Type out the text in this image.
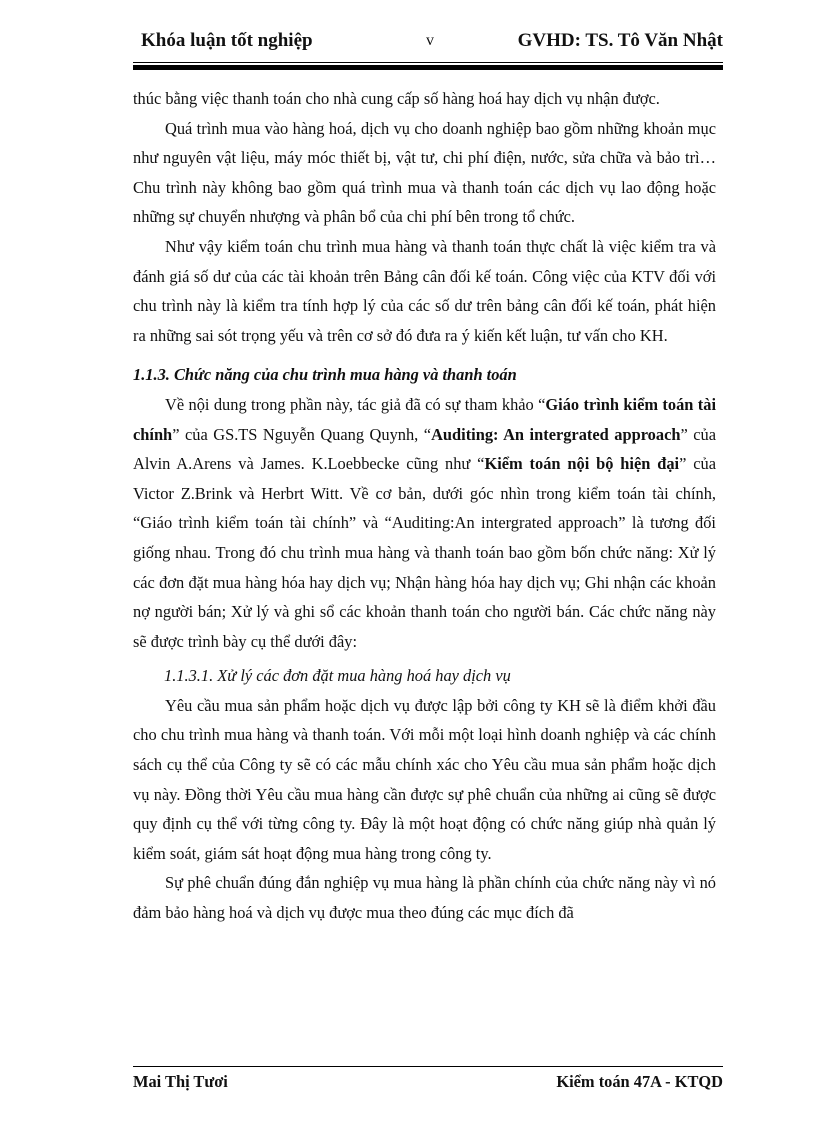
Khóa luận tốt nghiệp	v	GVHD: TS. Tô Văn Nhật

thúc bằng việc thanh toán cho nhà cung cấp số hàng hoá hay dịch vụ nhận được.

Quá trình mua vào hàng hoá, dịch vụ cho doanh nghiệp bao gồm những khoản mục như nguyên vật liệu, máy móc thiết bị, vật tư, chi phí điện, nước, sửa chữa và bảo trì… Chu trình này không bao gồm quá trình mua và thanh toán các dịch vụ lao động hoặc những sự chuyển nhượng và phân bổ của chi phí bên trong tổ chức.

Như vậy kiểm toán chu trình mua hàng và thanh toán thực chất là việc kiểm tra và đánh giá số dư của các tài khoản trên Bảng cân đối kế toán. Công việc của KTV đối với chu trình này là kiểm tra tính hợp lý của các số dư trên bảng cân đối kế toán, phát hiện ra những sai sót trọng yếu và trên cơ sở đó đưa ra ý kiến kết luận, tư vấn cho KH.

1.1.3. Chức năng của chu trình mua hàng và thanh toán

Về nội dung trong phần này, tác giả đã có sự tham khảo “Giáo trình kiểm toán tài chính” của GS.TS Nguyễn Quang Quynh, “Auditing: An intergrated approach” của Alvin A.Arens và James. K.Loebbecke cũng như “Kiểm toán nội bộ hiện đại” của Victor Z.Brink và Herbrt Witt. Về cơ bản, dưới góc nhìn trong kiểm toán tài chính, “Giáo trình kiểm toán tài chính” và “Auditing:An intergrated approach” là tương đối giống nhau. Trong đó chu trình mua hàng và thanh toán bao gồm bốn chức năng: Xử lý các đơn đặt mua hàng hóa hay dịch vụ; Nhận hàng hóa hay dịch vụ; Ghi nhận các khoản nợ người bán; Xử lý và ghi sổ các khoản thanh toán cho người bán. Các chức năng này sẽ được trình bày cụ thể dưới đây:

1.1.3.1. Xử lý các đơn đặt mua hàng hoá hay dịch vụ

Yêu cầu mua sản phẩm hoặc dịch vụ được lập bởi công ty KH sẽ là điểm khởi đầu cho chu trình mua hàng và thanh toán. Với mỗi một loại hình doanh nghiệp và các chính sách cụ thể của Công ty sẽ có các mẫu chính xác cho Yêu cầu mua sản phẩm hoặc dịch vụ này. Đồng thời Yêu cầu mua hàng cần được sự phê chuẩn của những ai cũng sẽ được quy định cụ thể với từng công ty. Đây là một hoạt động có chức năng giúp nhà quản lý kiểm soát, giám sát hoạt động mua hàng trong công ty.

Sự phê chuẩn đúng đắn nghiệp vụ mua hàng là phần chính của chức năng này vì nó đảm bảo hàng hoá và dịch vụ được mua theo đúng các mục đích đã

Mai Thị Tươi	Kiểm toán 47A - KTQD
